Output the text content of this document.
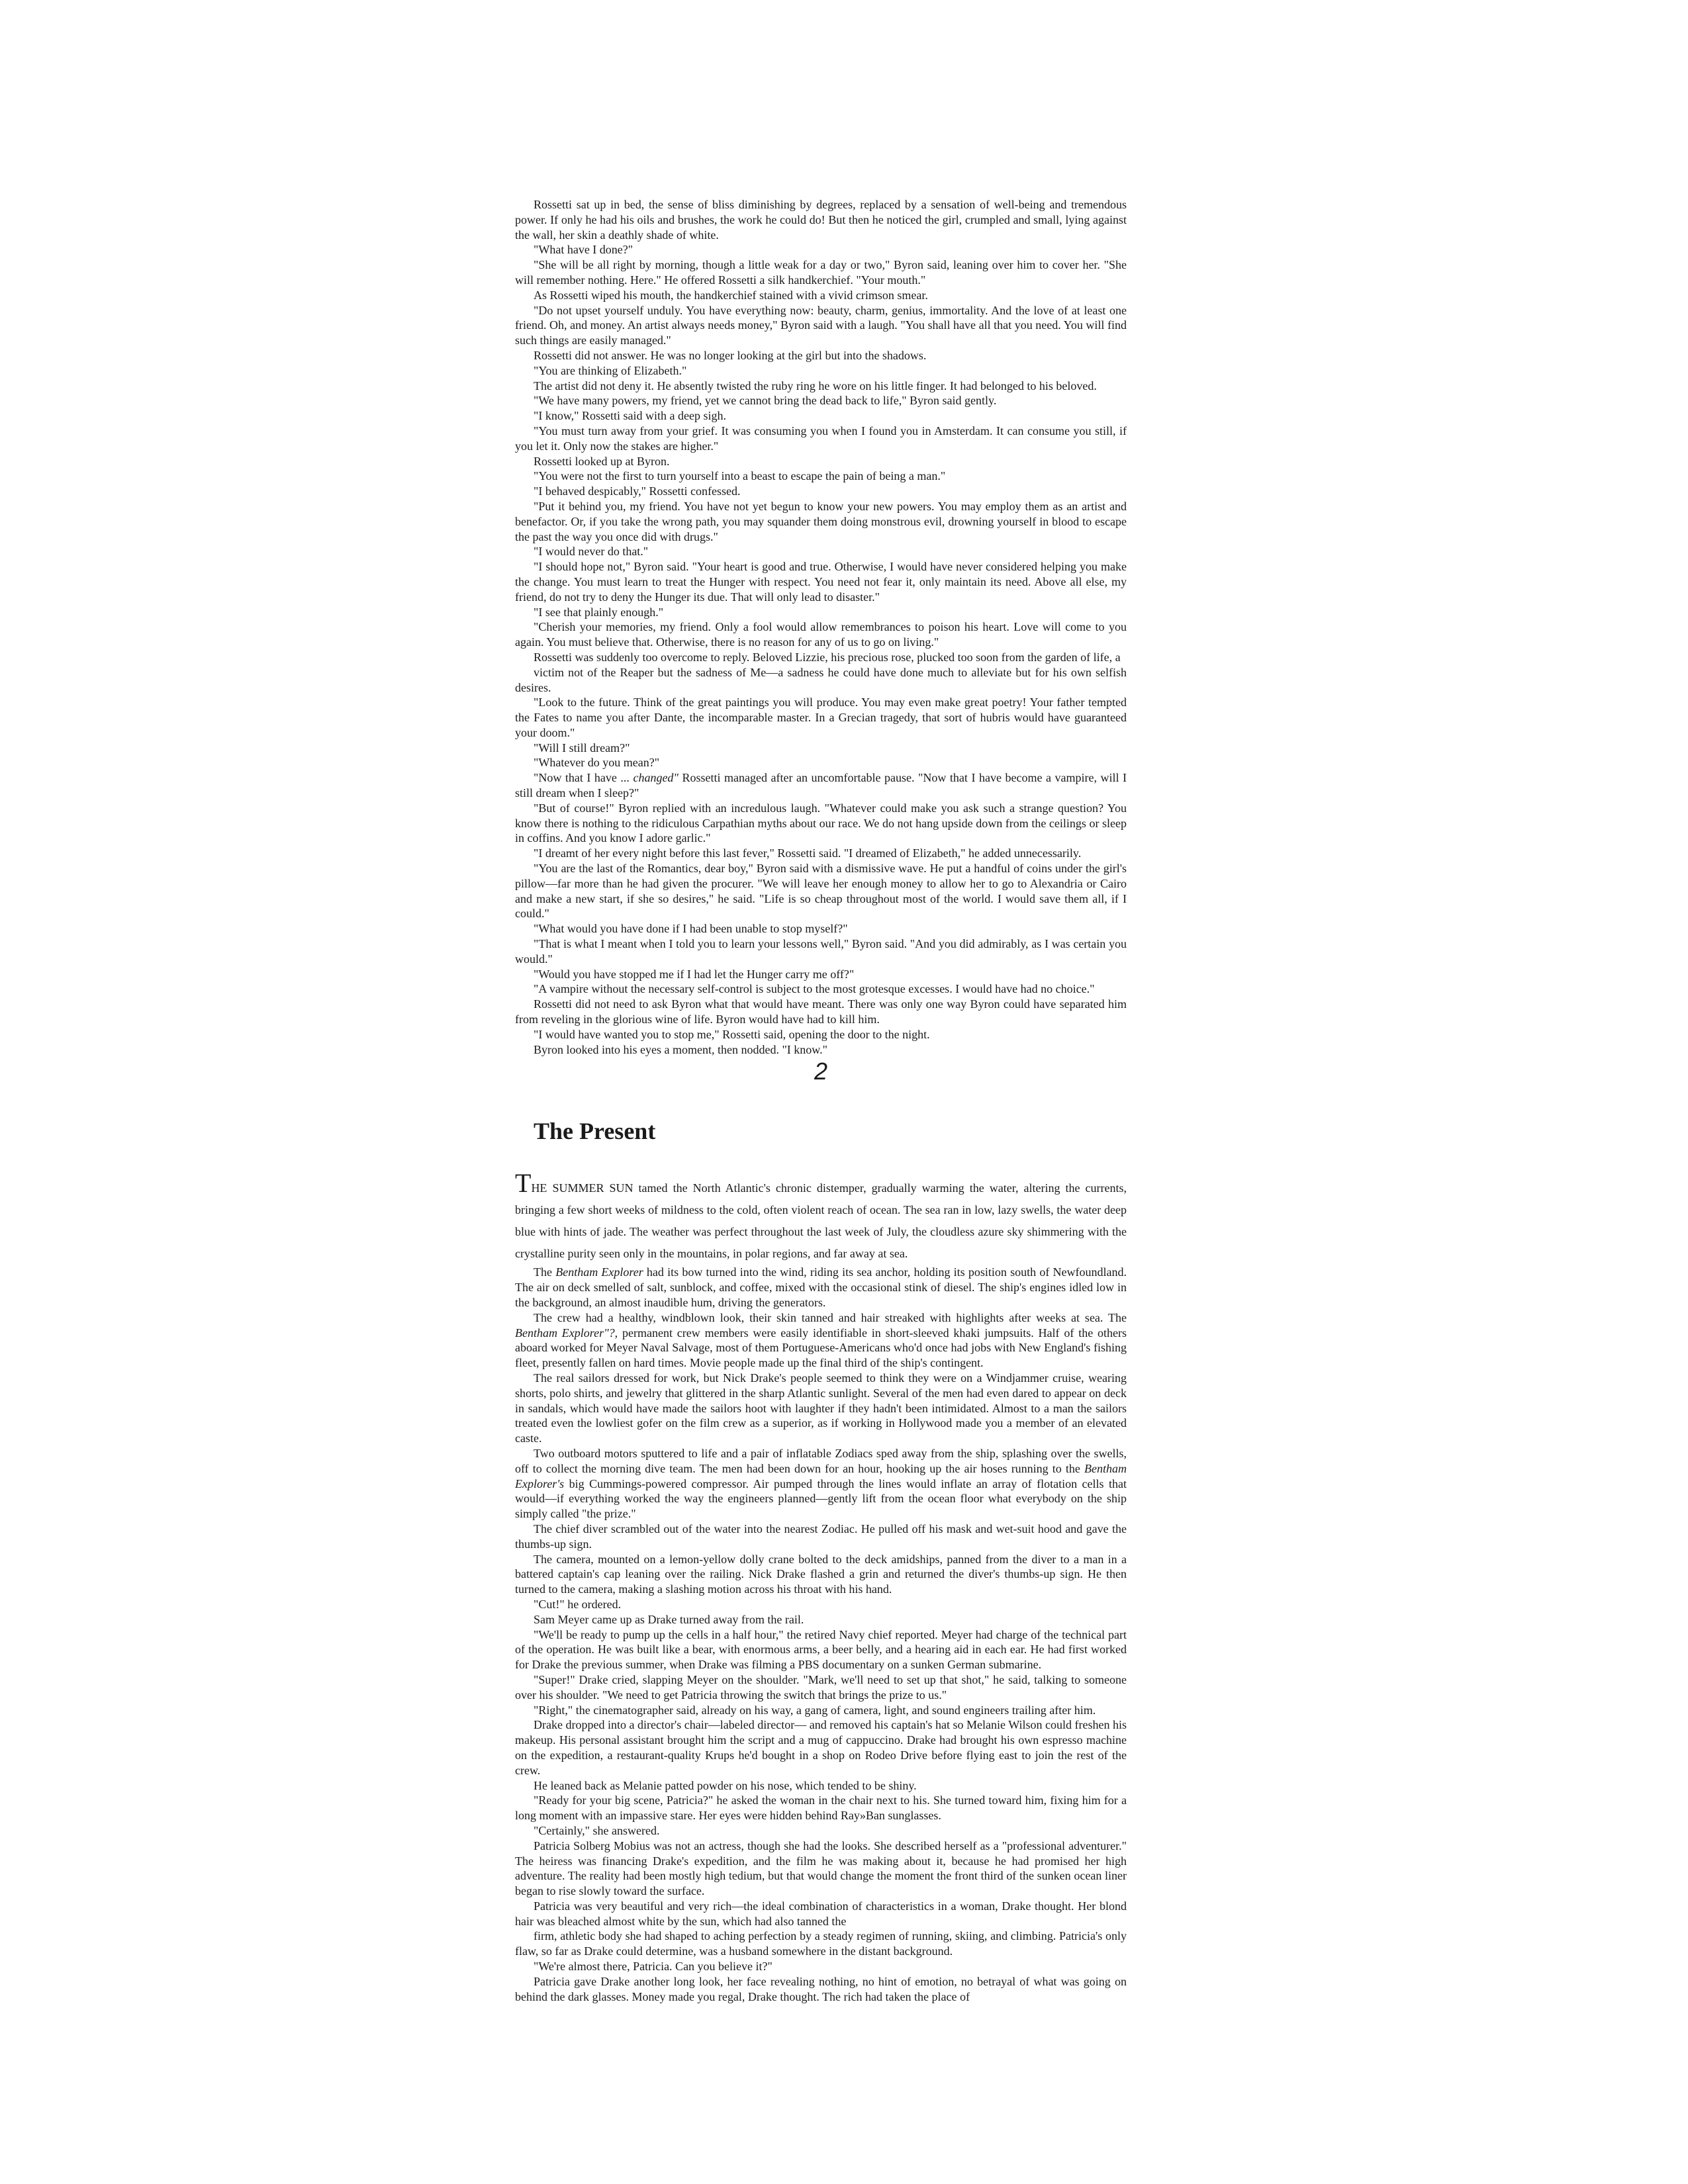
Rossetti sat up in bed, the sense of bliss diminishing by degrees, replaced by a sensation of well-being and tremendous power. If only he had his oils and brushes, the work he could do! But then he noticed the girl, crumpled and small, lying against the wall, her skin a deathly shade of white.

"What have I done?"

"She will be all right by morning, though a little weak for a day or two," Byron said, leaning over him to cover her. "She will remember nothing. Here." He offered Rossetti a silk handkerchief. "Your mouth."

As Rossetti wiped his mouth, the handkerchief stained with a vivid crimson smear.

"Do not upset yourself unduly. You have everything now: beauty, charm, genius, immortality. And the love of at least one friend. Oh, and money. An artist always needs money," Byron said with a laugh. "You shall have all that you need. You will find such things are easily managed."

Rossetti did not answer. He was no longer looking at the girl but into the shadows.

"You are thinking of Elizabeth."

The artist did not deny it. He absently twisted the ruby ring he wore on his little finger. It had belonged to his beloved.

"We have many powers, my friend, yet we cannot bring the dead back to life," Byron said gently.

"I know," Rossetti said with a deep sigh.

"You must turn away from your grief. It was consuming you when I found you in Amsterdam. It can consume you still, if you let it. Only now the stakes are higher."

Rossetti looked up at Byron.

"You were not the first to turn yourself into a beast to escape the pain of being a man."

"I behaved despicably," Rossetti confessed.

"Put it behind you, my friend. You have not yet begun to know your new powers. You may employ them as an artist and benefactor. Or, if you take the wrong path, you may squander them doing monstrous evil, drowning yourself in blood to escape the past the way you once did with drugs."

"I would never do that."

"I should hope not," Byron said. "Your heart is good and true. Otherwise, I would have never considered helping you make the change. You must learn to treat the Hunger with respect. You need not fear it, only maintain its need. Above all else, my friend, do not try to deny the Hunger its due. That will only lead to disaster."

"I see that plainly enough."

"Cherish your memories, my friend. Only a fool would allow remembrances to poison his heart. Love will come to you again. You must believe that. Otherwise, there is no reason for any of us to go on living."

Rossetti was suddenly too overcome to reply. Beloved Lizzie, his precious rose, plucked too soon from the garden of life, a

victim not of the Reaper but the sadness of Me—a sadness he could have done much to alleviate but for his own selfish desires.

"Look to the future. Think of the great paintings you will produce. You may even make great poetry! Your father tempted the Fates to name you after Dante, the incomparable master. In a Grecian tragedy, that sort of hubris would have guaranteed your doom."

"Will I still dream?"

"Whatever do you mean?"

"Now that I have ... changed" Rossetti managed after an uncomfortable pause. "Now that I have become a vampire, will I still dream when I sleep?"

"But of course!" Byron replied with an incredulous laugh. "Whatever could make you ask such a strange question? You know there is nothing to the ridiculous Carpathian myths about our race. We do not hang upside down from the ceilings or sleep in coffins. And you know I adore garlic."

"I dreamt of her every night before this last fever," Rossetti said. "I dreamed of Elizabeth," he added unnecessarily.

"You are the last of the Romantics, dear boy," Byron said with a dismissive wave. He put a handful of coins under the girl's pillow—far more than he had given the procurer. "We will leave her enough money to allow her to go to Alexandria or Cairo and make a new start, if she so desires," he said. "Life is so cheap throughout most of the world. I would save them all, if I could."

"What would you have done if I had been unable to stop myself?"

"That is what I meant when I told you to learn your lessons well," Byron said. "And you did admirably, as I was certain you would."

"Would you have stopped me if I had let the Hunger carry me off?"

"A vampire without the necessary self-control is subject to the most grotesque excesses. I would have had no choice."

Rossetti did not need to ask Byron what that would have meant. There was only one way Byron could have separated him from reveling in the glorious wine of life. Byron would have had to kill him.

"I would have wanted you to stop me," Rossetti said, opening the door to the night.

Byron looked into his eyes a moment, then nodded. "I know."

2
The Present

THE SUMMER SUN tamed the North Atlantic's chronic distemper, gradually warming the water, altering the currents, bringing a few short weeks of mildness to the cold, often violent reach of ocean. The sea ran in low, lazy swells, the water deep blue with hints of jade. The weather was perfect throughout the last week of July, the cloudless azure sky shimmering with the crystalline purity seen only in the mountains, in polar regions, and far away at sea.

The Bentham Explorer had its bow turned into the wind, riding its sea anchor, holding its position south of Newfoundland. The air on deck smelled of salt, sunblock, and coffee, mixed with the occasional stink of diesel. The ship's engines idled low in the background, an almost inaudible hum, driving the generators.

The crew had a healthy, windblown look, their skin tanned and hair streaked with highlights after weeks at sea. The Bentham Explorer"?, permanent crew members were easily identifiable in short-sleeved khaki jumpsuits. Half of the others aboard worked for Meyer Naval Salvage, most of them Portuguese-Americans who'd once had jobs with New England's fishing fleet, presently fallen on hard times. Movie people made up the final third of the ship's contingent.

The real sailors dressed for work, but Nick Drake's people seemed to think they were on a Windjammer cruise, wearing shorts, polo shirts, and jewelry that glittered in the sharp Atlantic sunlight. Several of the men had even dared to appear on deck in sandals, which would have made the sailors hoot with laughter if they hadn't been intimidated. Almost to a man the sailors treated even the lowliest gofer on the film crew as a superior, as if working in Hollywood made you a member of an elevated caste.

Two outboard motors sputtered to life and a pair of inflatable Zodiacs sped away from the ship, splashing over the swells, off to collect the morning dive team. The men had been down for an hour, hooking up the air hoses running to the Bentham Explorer's big Cummings-powered compressor. Air pumped through the lines would inflate an array of flotation cells that would—if everything worked the way the engineers planned—gently lift from the ocean floor what everybody on the ship simply called "the prize."

The chief diver scrambled out of the water into the nearest Zodiac. He pulled off his mask and wet-suit hood and gave the thumbs-up sign.

The camera, mounted on a lemon-yellow dolly crane bolted to the deck amidships, panned from the diver to a man in a battered captain's cap leaning over the railing. Nick Drake flashed a grin and returned the diver's thumbs-up sign. He then turned to the camera, making a slashing motion across his throat with his hand.

"Cut!" he ordered.

Sam Meyer came up as Drake turned away from the rail.

"We'll be ready to pump up the cells in a half hour," the retired Navy chief reported. Meyer had charge of the technical part of the operation. He was built like a bear, with enormous arms, a beer belly, and a hearing aid in each ear. He had first worked for Drake the previous summer, when Drake was filming a PBS documentary on a sunken German submarine.

"Super!" Drake cried, slapping Meyer on the shoulder. "Mark, we'll need to set up that shot," he said, talking to someone over his shoulder. "We need to get Patricia throwing the switch that brings the prize to us."

"Right," the cinematographer said, already on his way, a gang of camera, light, and sound engineers trailing after him.

Drake dropped into a director's chair—labeled director— and removed his captain's hat so Melanie Wilson could freshen his makeup. His personal assistant brought him the script and a mug of cappuccino. Drake had brought his own espresso machine on the expedition, a restaurant-quality Krups he'd bought in a shop on Rodeo Drive before flying east to join the rest of the crew.

He leaned back as Melanie patted powder on his nose, which tended to be shiny.

"Ready for your big scene, Patricia?" he asked the woman in the chair next to his. She turned toward him, fixing him for a long moment with an impassive stare. Her eyes were hidden behind Ray»Ban sunglasses.

"Certainly," she answered.

Patricia Solberg Mobius was not an actress, though she had the looks. She described herself as a "professional adventurer." The heiress was financing Drake's expedition, and the film he was making about it, because he had promised her high adventure. The reality had been mostly high tedium, but that would change the moment the front third of the sunken ocean liner began to rise slowly toward the surface.

Patricia was very beautiful and very rich—the ideal combination of characteristics in a woman, Drake thought. Her blond hair was bleached almost white by the sun, which had also tanned the

firm, athletic body she had shaped to aching perfection by a steady regimen of running, skiing, and climbing. Patricia's only flaw, so far as Drake could determine, was a husband somewhere in the distant background.

"We're almost there, Patricia. Can you believe it?"

Patricia gave Drake another long look, her face revealing nothing, no hint of emotion, no betrayal of what was going on behind the dark glasses. Money made you regal, Drake thought. The rich had taken the place of
